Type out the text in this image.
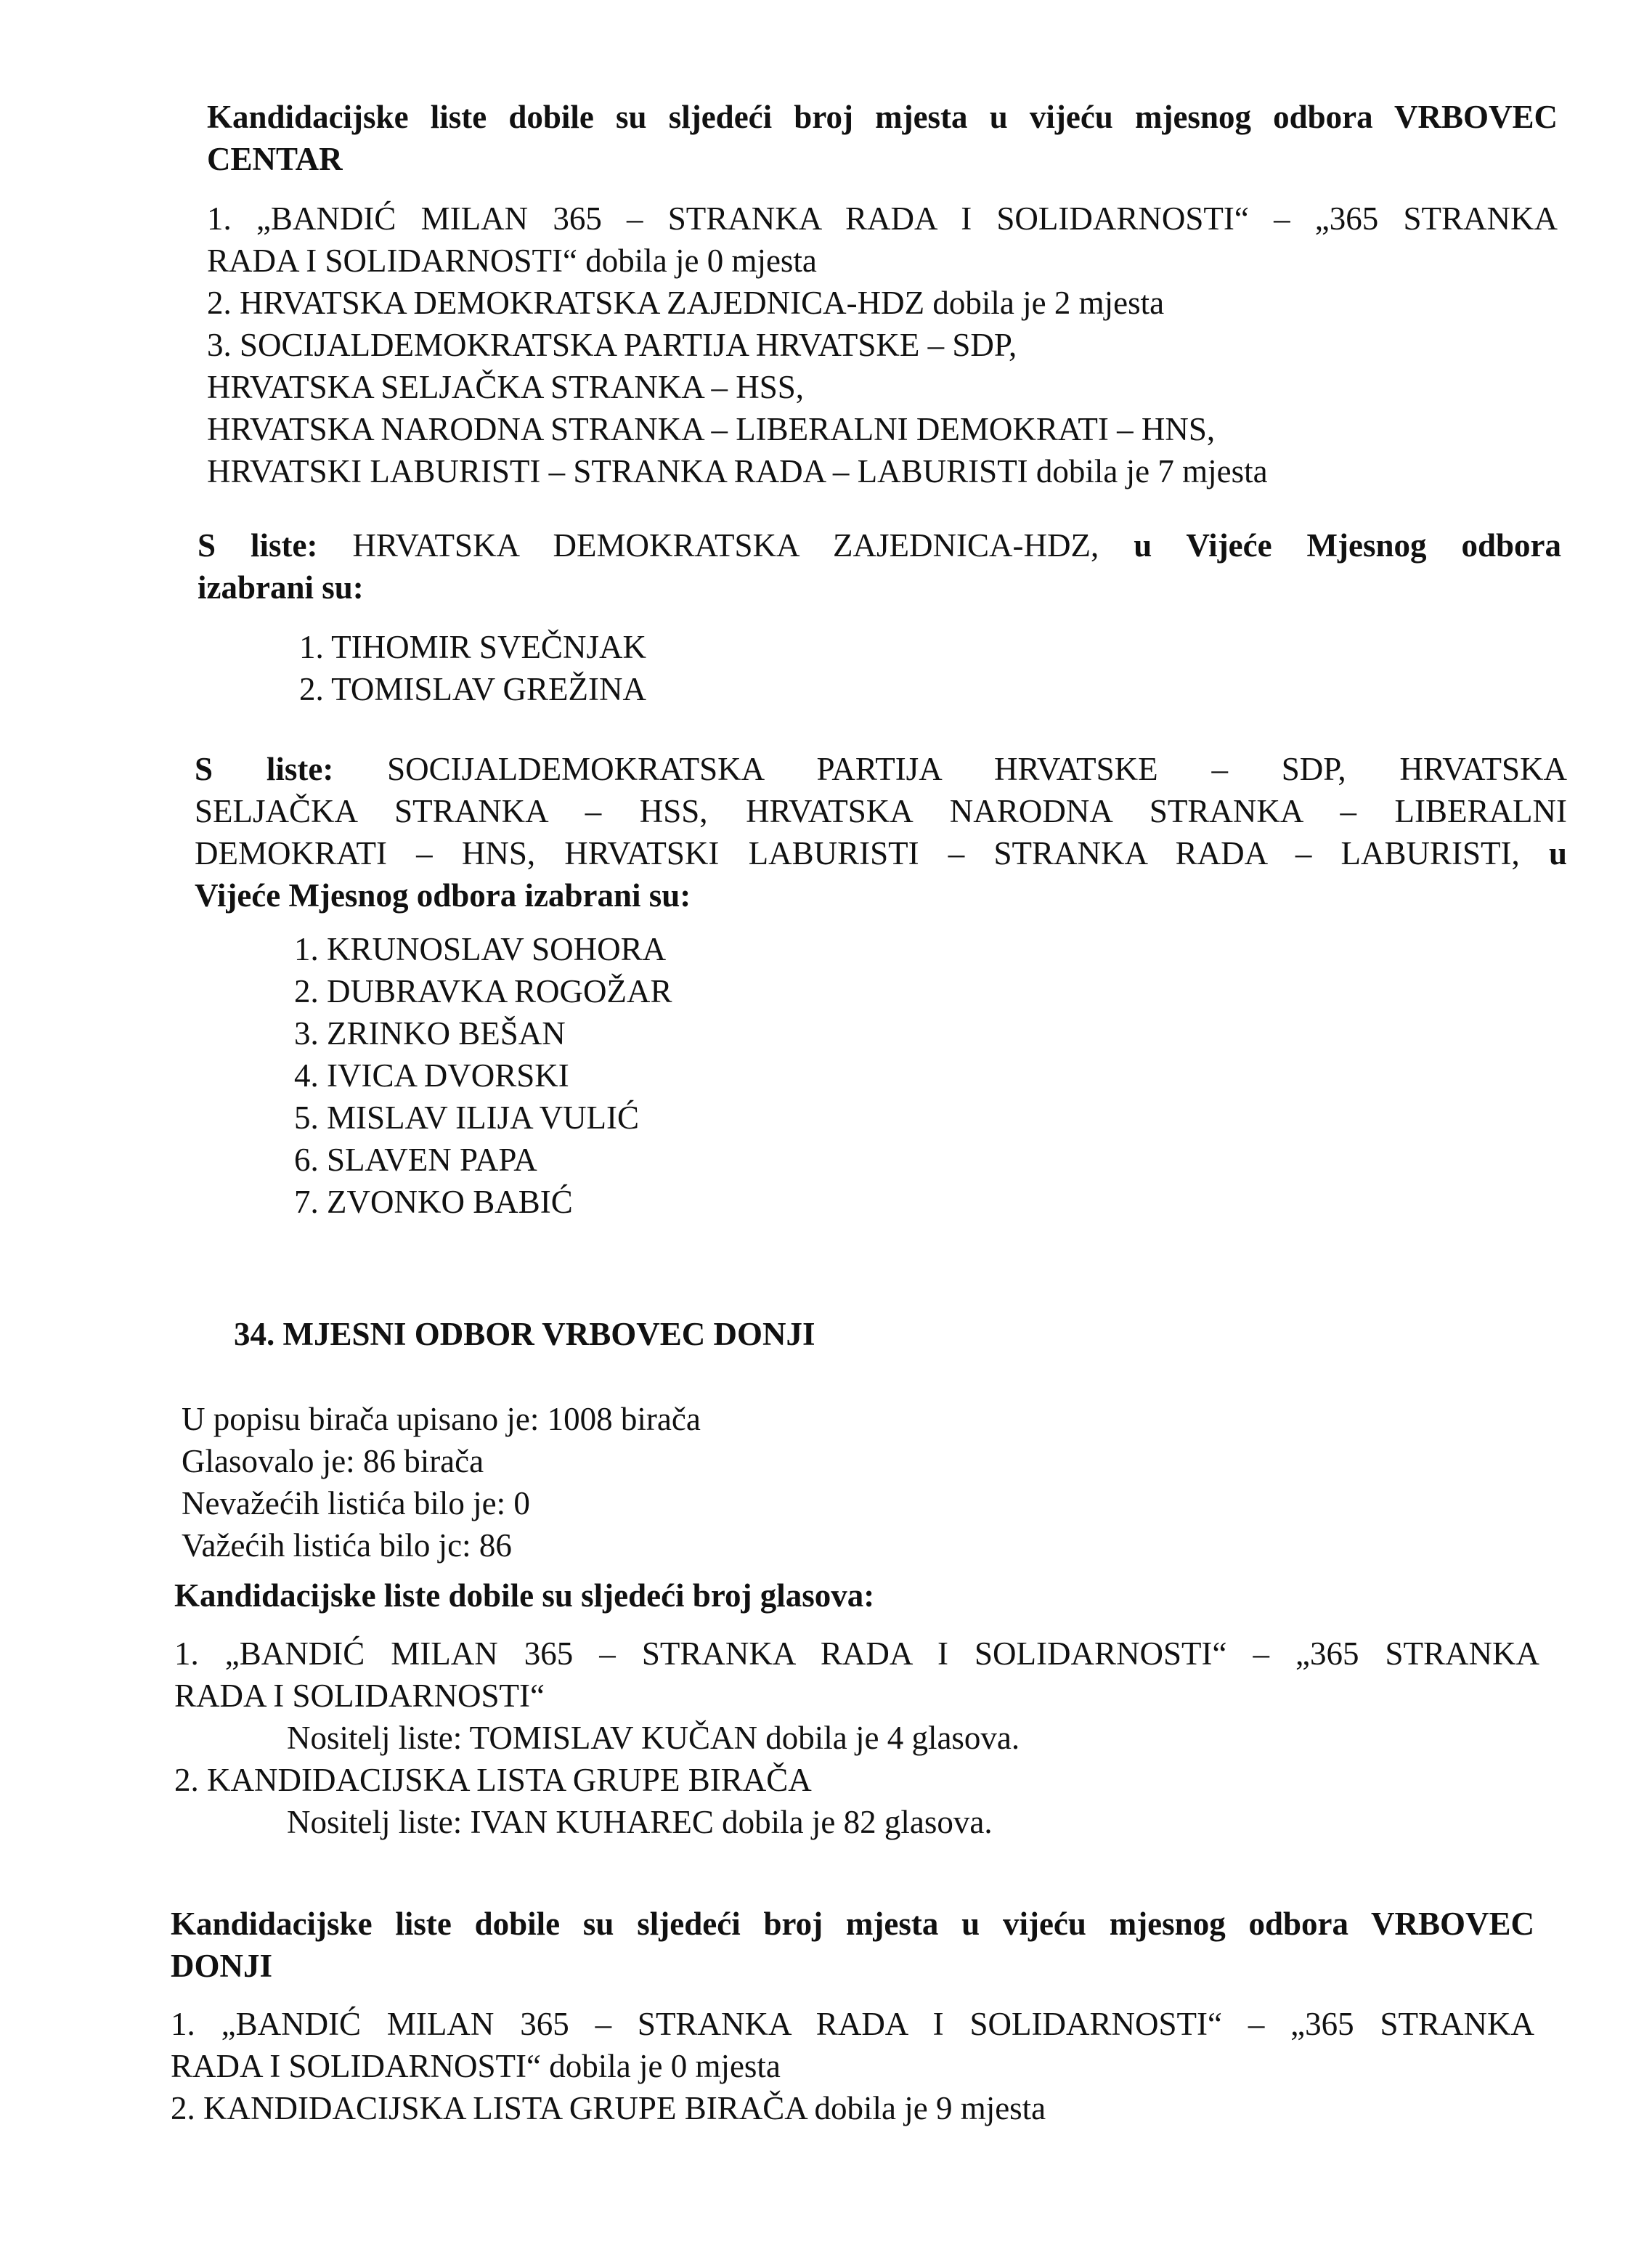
Kandidacijske liste dobile su sljedeći broj mjesta u vijeću mjesnog odbora VRBOVEC

CENTAR

1. „BANDIĆ MILAN 365 – STRANKA RADA I SOLIDARNOSTI“ – „365 STRANKA

RADA I SOLIDARNOSTI“ dobila je 0 mjesta

2. HRVATSKA DEMOKRATSKA ZAJEDNICA-HDZ dobila je 2 mjesta

3. SOCIJALDEMOKRATSKA PARTIJA HRVATSKE – SDP,

HRVATSKA SELJAČKA STRANKA – HSS,

HRVATSKA NARODNA STRANKA – LIBERALNI DEMOKRATI – HNS,

HRVATSKI LABURISTI – STRANKA RADA – LABURISTI dobila je 7 mjesta

S liste: HRVATSKA DEMOKRATSKA ZAJEDNICA-HDZ, u Vijeće Mjesnog odbora

izabrani su:

1. TIHOMIR SVEČNJAK

2. TOMISLAV GREŽINA

S liste: SOCIJALDEMOKRATSKA PARTIJA HRVATSKE – SDP, HRVATSKA

SELJAČKA STRANKA – HSS, HRVATSKA NARODNA STRANKA – LIBERALNI

DEMOKRATI – HNS, HRVATSKI LABURISTI – STRANKA RADA – LABURISTI, u

Vijeće Mjesnog odbora izabrani su:

1. KRUNOSLAV SOHORA

2. DUBRAVKA ROGOŽAR

3. ZRINKO BEŠAN

4. IVICA DVORSKI

5. MISLAV ILIJA VULIĆ

6. SLAVEN PAPA

7. ZVONKO BABIĆ

34. MJESNI ODBOR VRBOVEC DONJI

U popisu birača upisano je: 1008 birača

Glasovalo je: 86 birača

Nevažećih listića bilo je: 0

Važećih listića bilo jc: 86

Kandidacijske liste dobile su sljedeći broj glasova:

1. „BANDIĆ MILAN 365 – STRANKA RADA I SOLIDARNOSTI“ – „365 STRANKA

RADA I SOLIDARNOSTI“

Nositelj liste: TOMISLAV KUČAN dobila je 4 glasova.

2. KANDIDACIJSKA LISTA GRUPE BIRAČA

Nositelj liste: IVAN KUHAREC dobila je 82 glasova.

Kandidacijske liste dobile su sljedeći broj mjesta u vijeću mjesnog odbora VRBOVEC

DONJI

1. „BANDIĆ MILAN 365 – STRANKA RADA I SOLIDARNOSTI“ – „365 STRANKA

RADA I SOLIDARNOSTI“ dobila je 0 mjesta

2. KANDIDACIJSKA LISTA GRUPE BIRAČA dobila je 9 mjesta
